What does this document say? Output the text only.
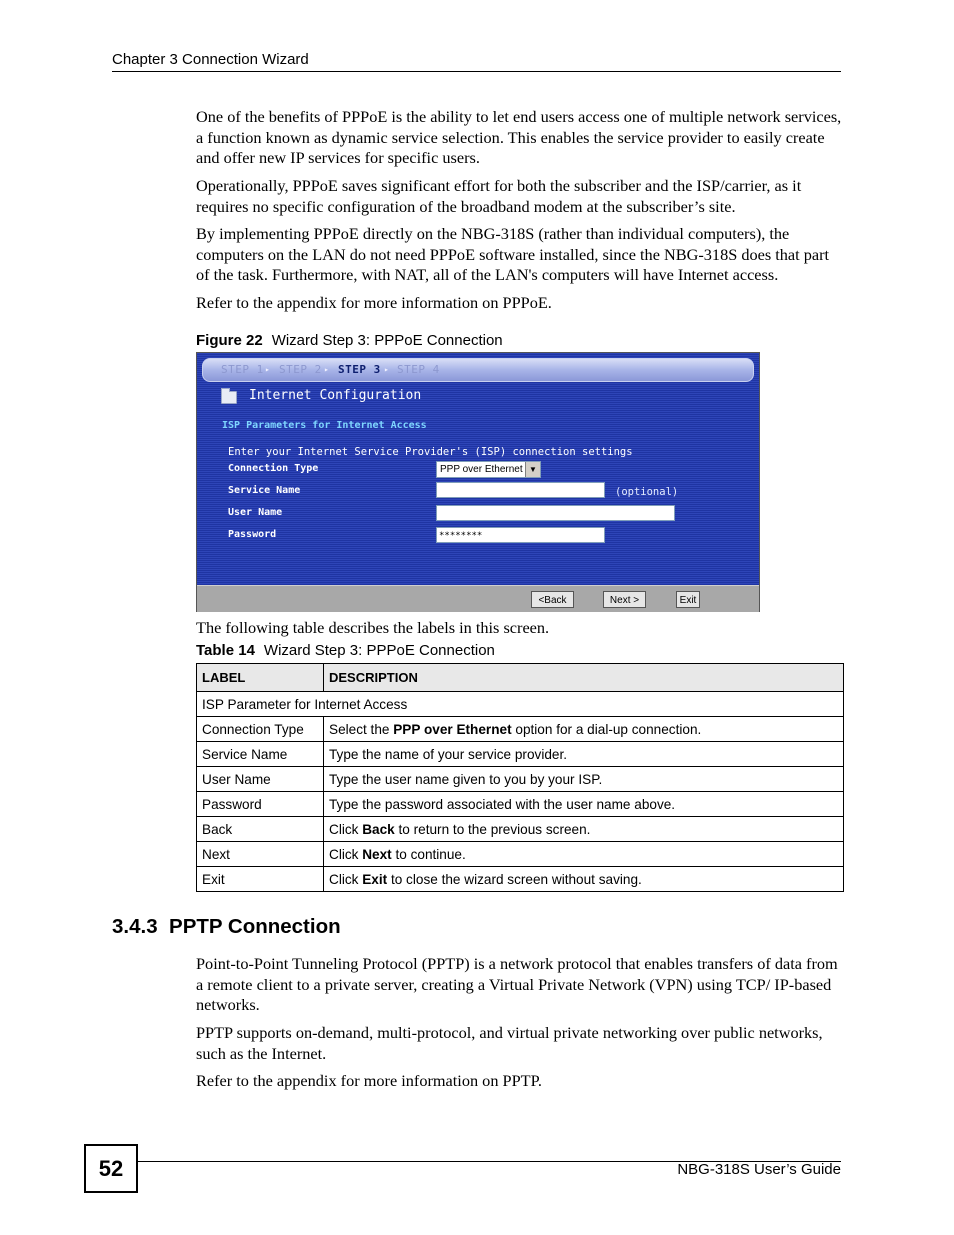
Chapter 3 Connection Wizard

One of the benefits of PPPoE is the ability to let end users access one of multiple network services, a function known as dynamic service selection. This enables the service provider to easily create and offer new IP services for specific users.

Operationally, PPPoE saves significant effort for both the subscriber and the ISP/carrier, as it requires no specific configuration of the broadband modem at the subscriber’s site.

By implementing PPPoE directly on the NBG-318S (rather than individual computers), the computers on the LAN do not need PPPoE software installed, since the NBG-318S does that part of the task. Furthermore, with NAT, all of the LAN's computers will have Internet access.

Refer to the appendix for more information on PPPoE.

Figure 22 Wizard Step 3: PPPoE Connection
STEP 1 ▸ STEP 2 ▸ STEP 3 ▸ STEP 4
Internet Configuration
ISP Parameters for Internet Access
Enter your Internet Service Provider's (ISP) connection settings
Connection Type	PPP over Ethernet ▼
Service Name	(optional)
User Name
Password	********
<Back	Next >	Exit

The following table describes the labels in this screen.

Table 14 Wizard Step 3: PPPoE Connection
LABEL	DESCRIPTION
ISP Parameter for Internet Access	
Connection Type	Select the PPP over Ethernet option for a dial-up connection.
Service Name	Type the name of your service provider.
User Name	Type the user name given to you by your ISP.
Password	Type the password associated with the user name above.
Back	Click Back to return to the previous screen.
Next	Click Next to continue.
Exit	Click Exit to close the wizard screen without saving.
3.4.3 PPTP Connection

Point-to-Point Tunneling Protocol (PPTP) is a network protocol that enables transfers of data from a remote client to a private server, creating a Virtual Private Network (VPN) using TCP/ IP-based networks.

PPTP supports on-demand, multi-protocol, and virtual private networking over public networks, such as the Internet.

Refer to the appendix for more information on PPTP.

52	NBG-318S User’s Guide
